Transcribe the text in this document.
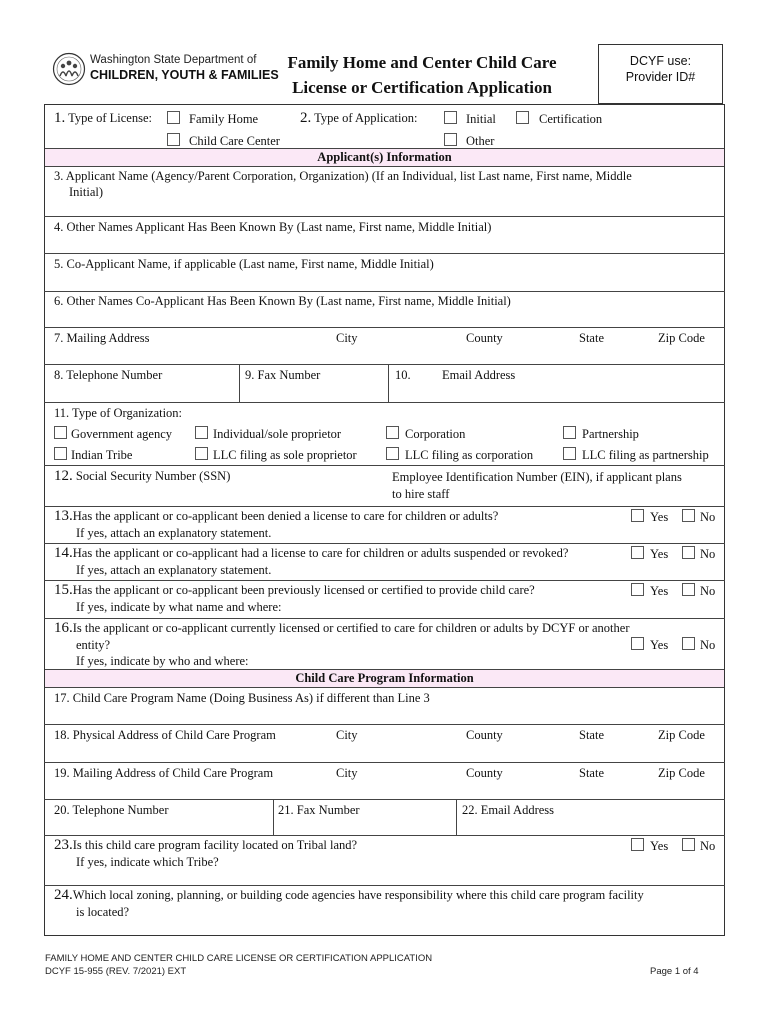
Washington State Department of
CHILDREN, YOUTH & FAMILIES
Family Home and Center Child Care
License or Certification Application
DCYF use:
Provider ID#
1. Type of License:	Family Home
Child Care Center
2. Type of Application:	Initial	Certification
Other
Applicant(s) Information
3. Applicant Name (Agency/Parent Corporation, Organization) (If an Individual, list Last name, First name, Middle
Initial)
4. Other Names Applicant Has Been Known By (Last name, First name, Middle Initial)
5. Co-Applicant Name, if applicable (Last name, First name, Middle Initial)
6. Other Names Co-Applicant Has Been Known By (Last name, First name, Middle Initial)
7. Mailing Address	City	County	State	Zip Code
8. Telephone Number	9. Fax Number	10.	Email Address
11. Type of Organization:
Government agency	Individual/sole proprietor	Corporation	Partnership
Indian Tribe	LLC filing as sole proprietor	LLC filing as corporation	LLC filing as partnership
12. Social Security Number (SSN)	Employee Identification Number (EIN), if applicant plans
to hire staff
13.Has the applicant or co-applicant been denied a license to care for children or adults?
If yes, attach an explanatory statement.
Yes	No
14.Has the applicant or co-applicant had a license to care for children or adults suspended or revoked?
If yes, attach an explanatory statement.
Yes	No
15.Has the applicant or co-applicant been previously licensed or certified to provide child care?
If yes, indicate by what name and where:
Yes	No
16.Is the applicant or co-applicant currently licensed or certified to care for children or adults by DCYF or another
entity?
If yes, indicate by who and where:
Yes	No
Child Care Program Information
17. Child Care Program Name (Doing Business As) if different than Line 3
18. Physical Address of Child Care Program	City	County	State	Zip Code
19. Mailing Address of Child Care Program	City	County	State	Zip Code
20. Telephone Number	21. Fax Number	22. Email Address
23.Is this child care program facility located on Tribal land?
If yes, indicate which Tribe?
Yes	No
24.Which local zoning, planning, or building code agencies have responsibility where this child care program facility
is located?
FAMILY HOME AND CENTER CHILD CARE LICENSE OR CERTIFICATION APPLICATION
DCYF 15-955 (REV. 7/2021) EXT	Page 1 of 4
